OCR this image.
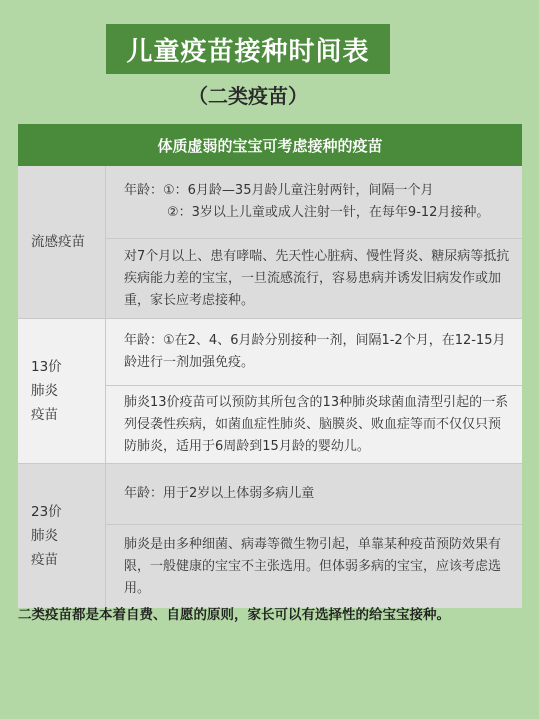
儿童疫苗接种时间表
（二类疫苗）
体质虚弱的宝宝可考虑接种的疫苗
流感疫苗
年龄：①：6月龄—35月龄儿童注射两针，间隔一个月
②：3岁以上儿童或成人注射一针，在每年9-12月接种。
对7个月以上、患有哮喘、先天性心脏病、慢性肾炎、糖尿病等抵抗疾病能力差的宝宝，一旦流感流行，容易患病并诱发旧病发作或加重，家长应考虑接种。
13价肺炎疫苗
年龄：①在2、4、6月龄分别接种一剂，间隔1-2个月，在12-15月龄进行一剂加强免疫。
肺炎13价疫苗可以预防其所包含的13种肺炎球菌血清型引起的一系列侵袭性疾病，如菌血症性肺炎、脑膜炎、败血症等而不仅仅只预防肺炎，适用于6周龄到15月龄的婴幼儿。
23价肺炎疫苗
年龄：用于2岁以上体弱多病儿童
肺炎是由多种细菌、病毒等微生物引起，单靠某种疫苗预防效果有限，一般健康的宝宝不主张选用。但体弱多病的宝宝，应该考虑选用。
二类疫苗都是本着自费、自愿的原则，家长可以有选择性的给宝宝接种。
